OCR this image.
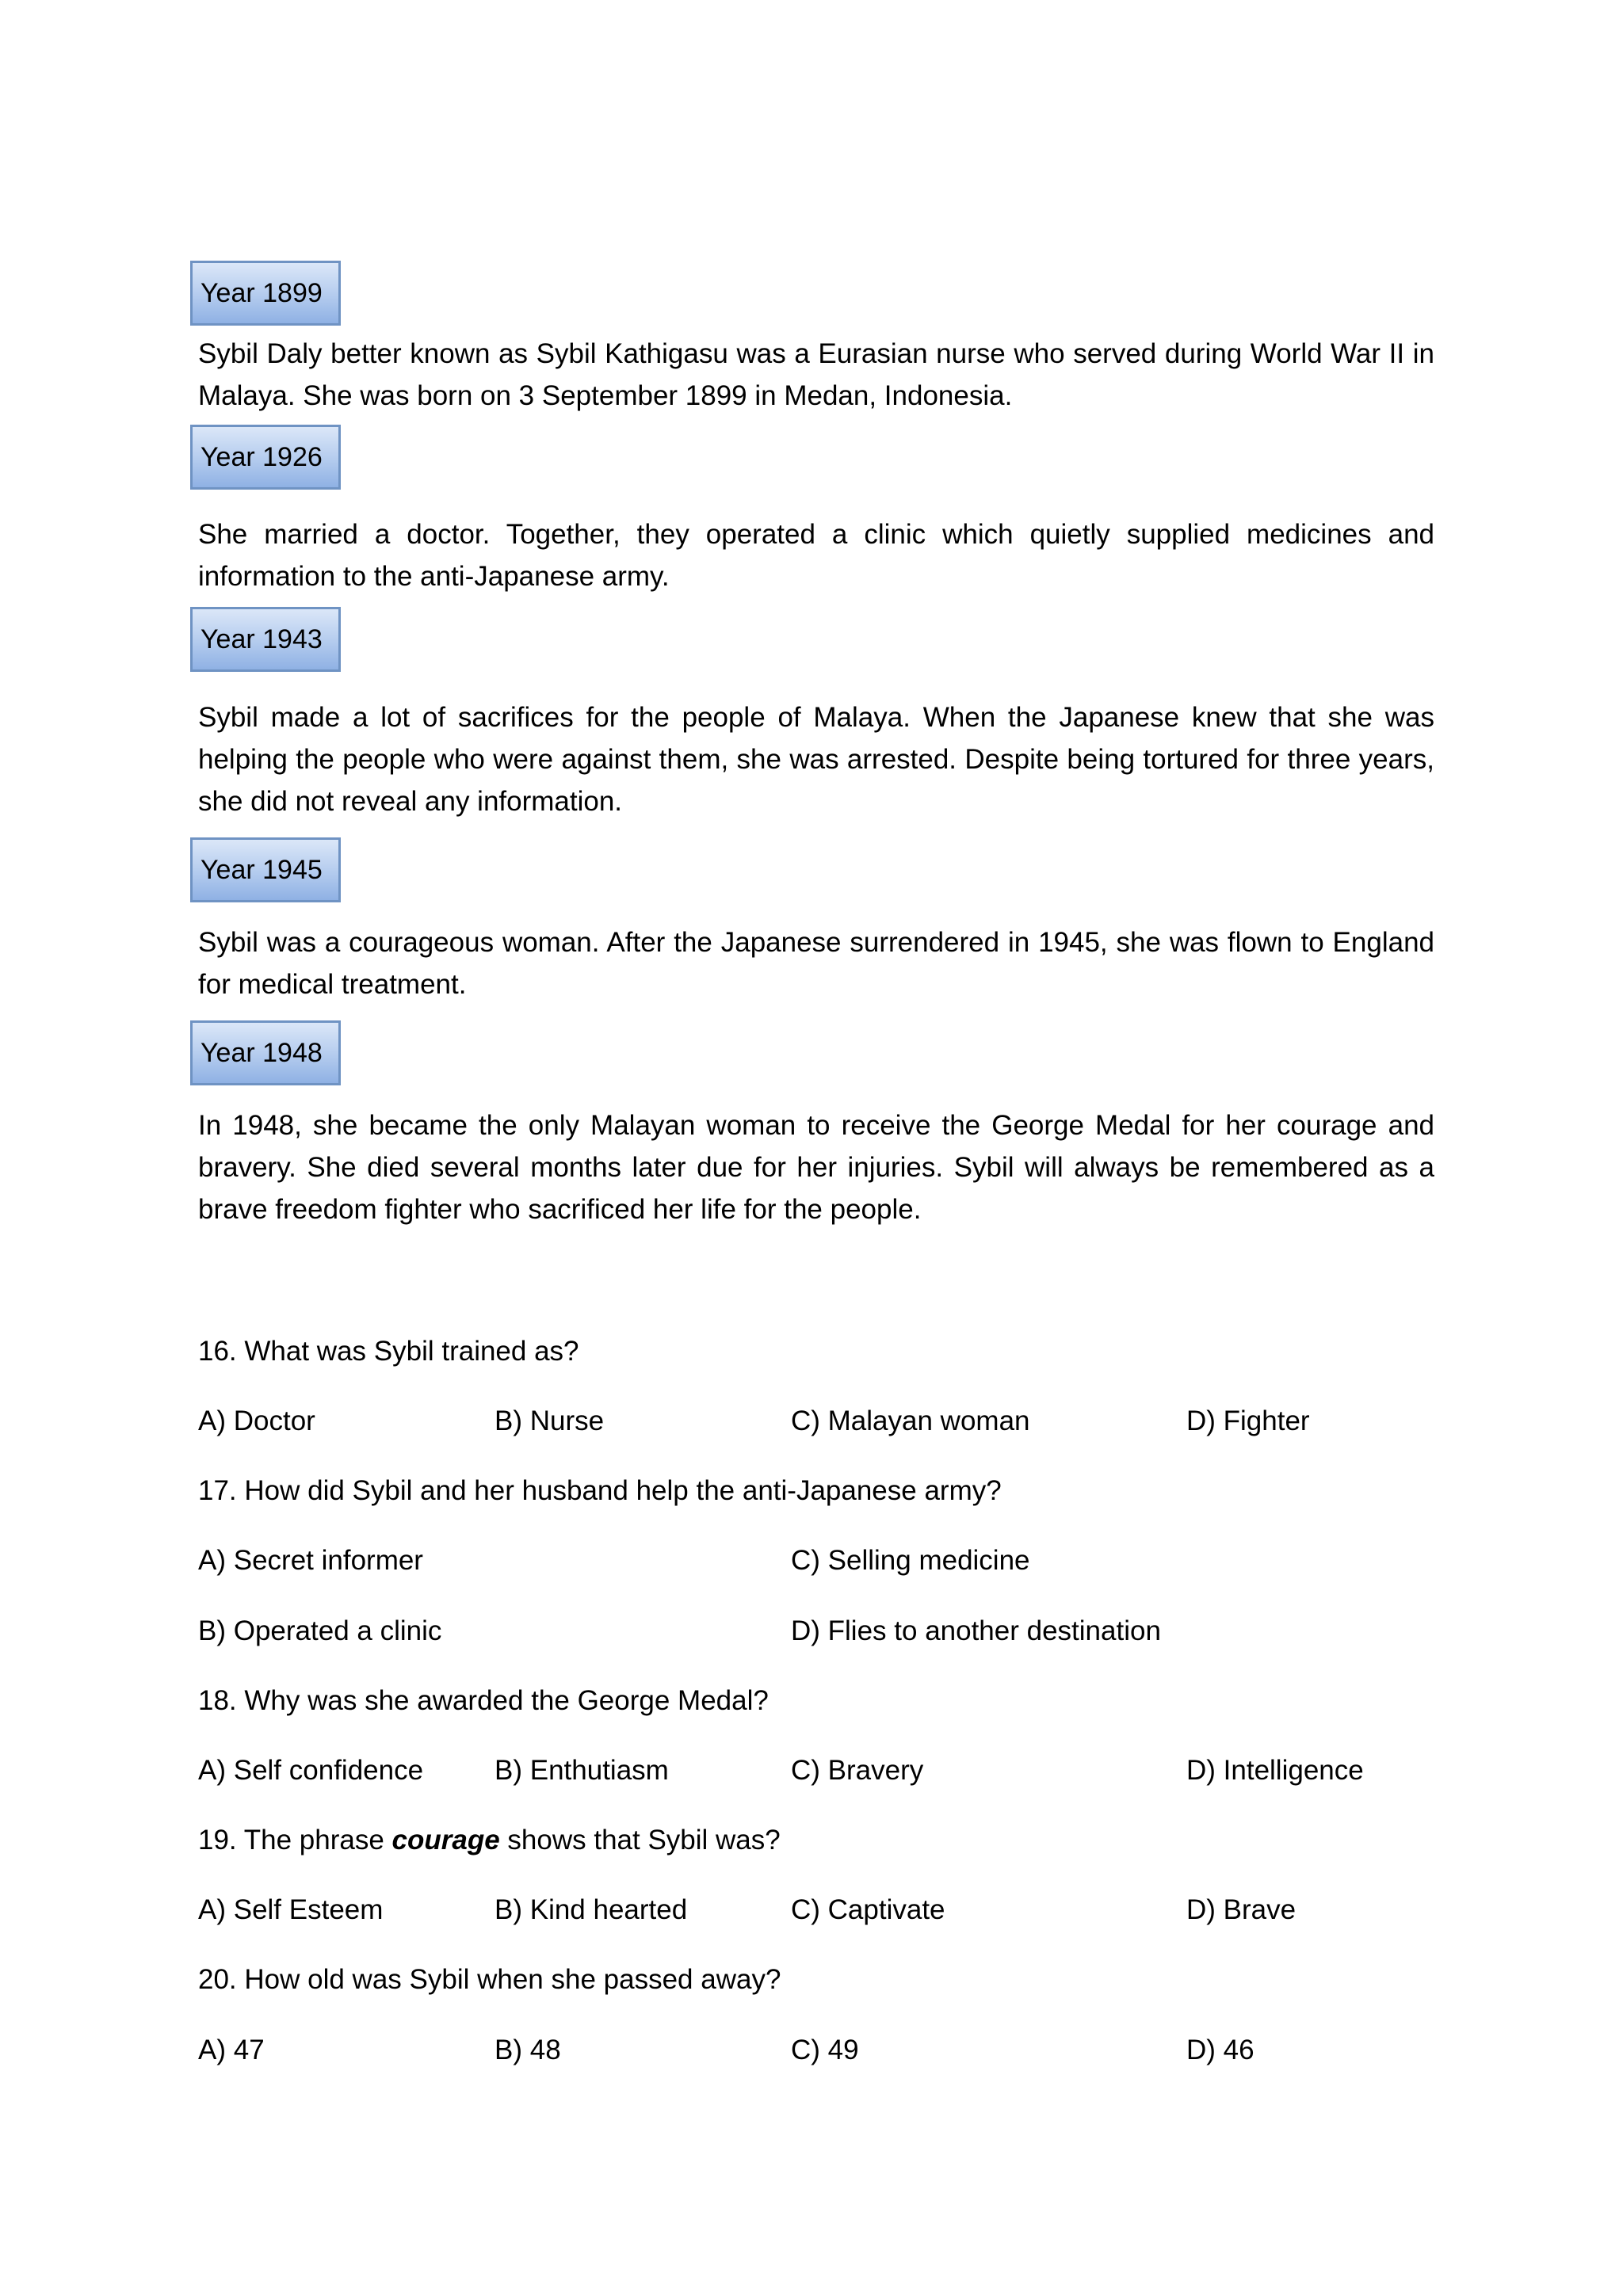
Year 1899

Sybil Daly better known as Sybil Kathigasu was a Eurasian nurse who served during World War II in Malaya. She was born on 3 September 1899 in Medan, Indonesia.

Year 1926

She married a doctor. Together, they operated a clinic which quietly supplied medicines and information to the anti-Japanese army.

Year 1943

Sybil made a lot of sacrifices for the people of Malaya. When the Japanese knew that she was helping the people who were against them, she was arrested. Despite being tortured for three years, she did not reveal any information.

Year 1945

Sybil was a courageous woman. After the Japanese surrendered in 1945, she was flown to England for medical treatment.

Year 1948

In 1948, she became the only Malayan woman to receive the George Medal for her courage and bravery. She died several months later due for her injuries. Sybil will always be remembered as a brave freedom fighter who sacrificed her life for the people.

16. What was Sybil trained as?
A) Doctor	B) Nurse	C) Malayan woman	D) Fighter
17. How did Sybil and her husband help the anti-Japanese army?
A) Secret informer	C) Selling medicine
B) Operated a clinic	D) Flies to another destination
18. Why was she awarded the George Medal?
A) Self confidence	B) Enthutiasm	C) Bravery	D) Intelligence
19. The phrase courage shows that Sybil was?
A) Self Esteem	B) Kind hearted	C) Captivate	D) Brave
20. How old was Sybil when she passed away?
A) 47	B) 48	C) 49	D) 46
